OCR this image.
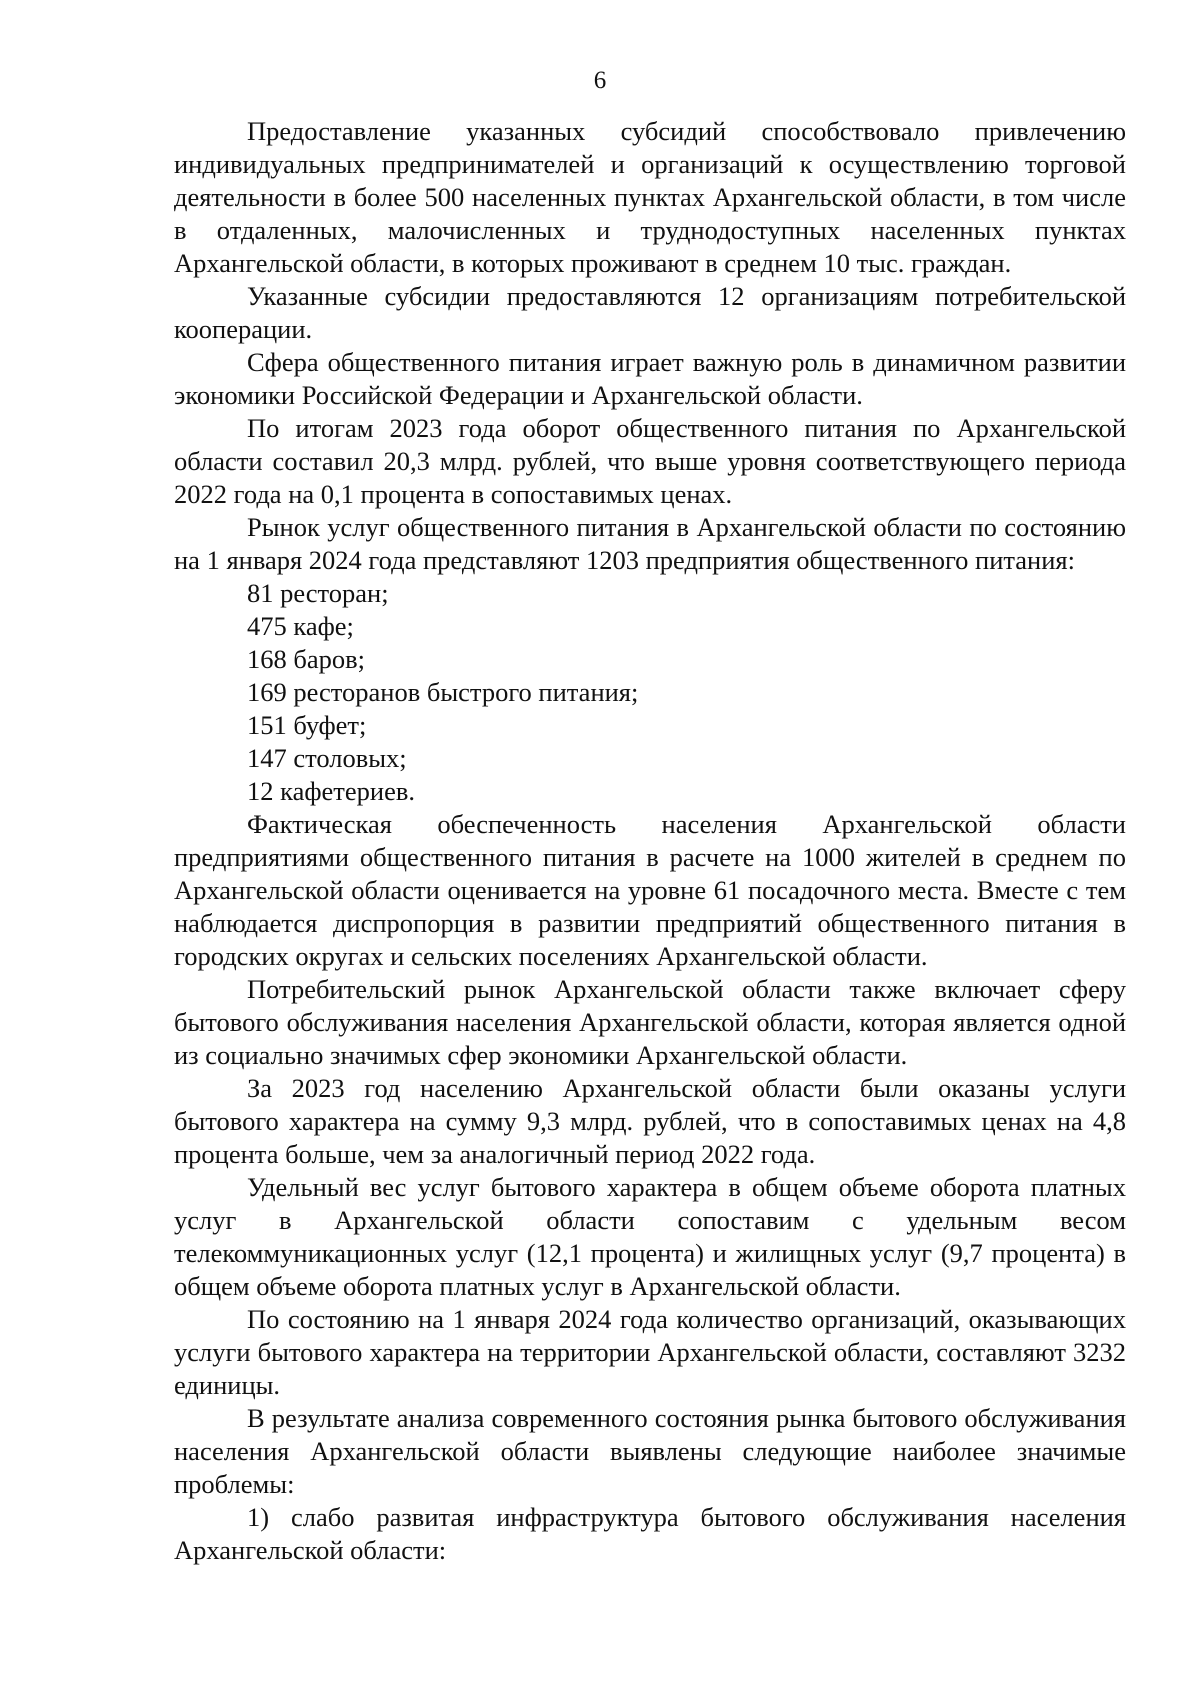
6

Предоставление указанных субсидий способствовало привлечению индивидуальных предпринимателей и организаций к осуществлению торговой деятельности в более 500 населенных пунктах Архангельской области, в том числе в отдаленных, малочисленных и труднодоступных населенных пунктах Архангельской области, в которых проживают в среднем 10 тыс. граждан.

Указанные субсидии предоставляются 12 организациям потребительской кооперации.

Сфера общественного питания играет важную роль в динамичном развитии экономики Российской Федерации и Архангельской области.

По итогам 2023 года оборот общественного питания по Архангельской области составил 20,3 млрд. рублей, что выше уровня соответствующего периода 2022 года на 0,1 процента в сопоставимых ценах.

Рынок услуг общественного питания в Архангельской области по состоянию на 1 января 2024 года представляют 1203 предприятия общественного питания:

81 ресторан;

475 кафе;

168 баров;

169 ресторанов быстрого питания;

151 буфет;

147 столовых;

12 кафетериев.

Фактическая обеспеченность населения Архангельской области предприятиями общественного питания в расчете на 1000 жителей в среднем по Архангельской области оценивается на уровне 61 посадочного места. Вместе с тем наблюдается диспропорция в развитии предприятий общественного питания в городских округах и сельских поселениях Архангельской области.

Потребительский рынок Архангельской области также включает сферу бытового обслуживания населения Архангельской области, которая является одной из социально значимых сфер экономики Архангельской области.

За 2023 год населению Архангельской области были оказаны услуги бытового характера на сумму 9,3 млрд. рублей, что в сопоставимых ценах на 4,8 процента больше, чем за аналогичный период 2022 года.

Удельный вес услуг бытового характера в общем объеме оборота платных услуг в Архангельской области сопоставим с удельным весом телекоммуникационных услуг (12,1 процента) и жилищных услуг (9,7 процента) в общем объеме оборота платных услуг в Архангельской области.

По состоянию на 1 января 2024 года количество организаций, оказывающих услуги бытового характера на территории Архангельской области, составляют 3232 единицы.

В результате анализа современного состояния рынка бытового обслуживания населения Архангельской области выявлены следующие наиболее значимые проблемы:

1) слабо развитая инфраструктура бытового обслуживания населения Архангельской области:
